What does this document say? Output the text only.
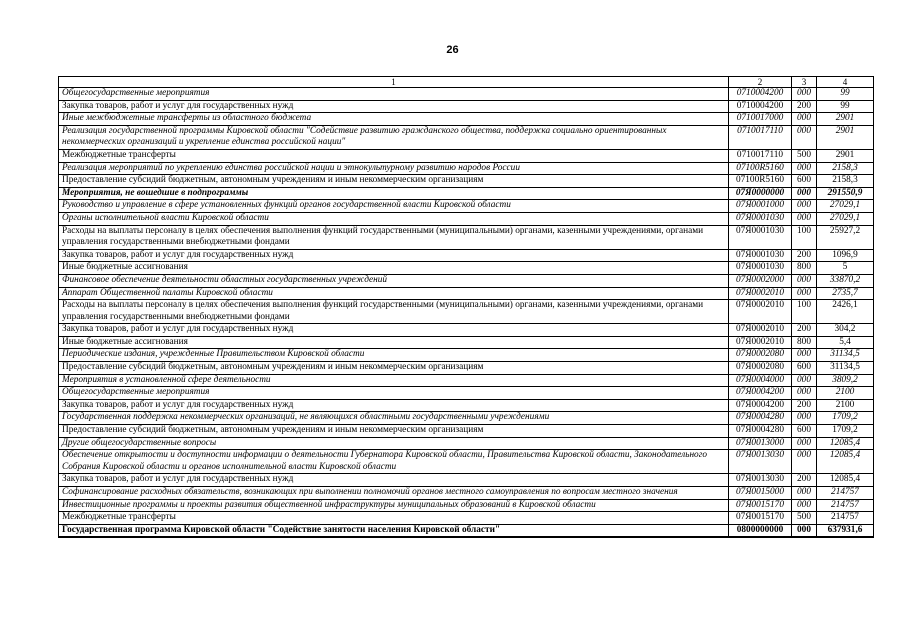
26
1	2	3	4
Общегосударственные мероприятия	0710004200	000	99
Закупка товаров, работ и услуг для государственных нужд	0710004200	200	99
Иные межбюджетные трансферты из областного бюджета	0710017000	000	2901
Реализация государственной программы Кировской области "Содействие развитию гражданского общества, поддержка социально ориентированных некоммерческих организаций и укрепление единства российской нации"	0710017110	000	2901
Межбюджетные трансферты	0710017110	500	2901
Реализация мероприятий по укреплению единства российской нации и этнокультурному развитию народов России	07100R5160	000	2158,3
Предоставление субсидий бюджетным, автономным учреждениям и иным некоммерческим организациям	07100R5160	600	2158,3
Мероприятия, не вошедшие в подпрограммы	07Я0000000	000	291550,9
Руководство и управление в сфере установленных функций органов государственной власти Кировской области	07Я0001000	000	27029,1
Органы исполнительной власти Кировской области	07Я0001030	000	27029,1
Расходы на выплаты персоналу в целях обеспечения выполнения функций государственными (муниципальными) органами, казенными учреждениями, органами управления государственными внебюджетными фондами	07Я0001030	100	25927,2
Закупка товаров, работ и услуг для государственных нужд	07Я0001030	200	1096,9
Иные бюджетные ассигнования	07Я0001030	800	5
Финансовое обеспечение деятельности областных государственных учреждений	07Я0002000	000	33870,2
Аппарат Общественной палаты Кировской области	07Я0002010	000	2735,7
Расходы на выплаты персоналу в целях обеспечения выполнения функций государственными (муниципальными) органами, казенными учреждениями, органами управления государственными внебюджетными фондами	07Я0002010	100	2426,1
Закупка товаров, работ и услуг для государственных нужд	07Я0002010	200	304,2
Иные бюджетные ассигнования	07Я0002010	800	5,4
Периодические издания, учрежденные Правительством Кировской области	07Я0002080	000	31134,5
Предоставление субсидий бюджетным, автономным учреждениям и иным некоммерческим организациям	07Я0002080	600	31134,5
Мероприятия в установленной сфере деятельности	07Я0004000	000	3809,2
Общегосударственные мероприятия	07Я0004200	000	2100
Закупка товаров, работ и услуг для государственных нужд	07Я0004200	200	2100
Государственная поддержка некоммерческих организаций, не являющихся областными государственными учреждениями	07Я0004280	000	1709,2
Предоставление субсидий бюджетным, автономным учреждениям и иным некоммерческим организациям	07Я0004280	600	1709,2
Другие общегосударственные вопросы	07Я0013000	000	12085,4
Обеспечение открытости и доступности информации о деятельности Губернатора Кировской области, Правительства Кировской области, Законодательного Собрания Кировской области и органов исполнительной власти Кировской области	07Я0013030	000	12085,4
Закупка товаров, работ и услуг для государственных нужд	07Я0013030	200	12085,4
Софинансирование расходных обязательств, возникающих при выполнении полномочий органов местного самоуправления по вопросам местного значения	07Я0015000	000	214757
Инвестиционные программы и проекты развития общественной инфраструктуры муниципальных образований в Кировской области	07Я0015170	000	214757
Межбюджетные трансферты	07Я0015170	500	214757
Государственная программа Кировской области "Содействие занятости населения Кировской области"	0800000000	000	637931,6
